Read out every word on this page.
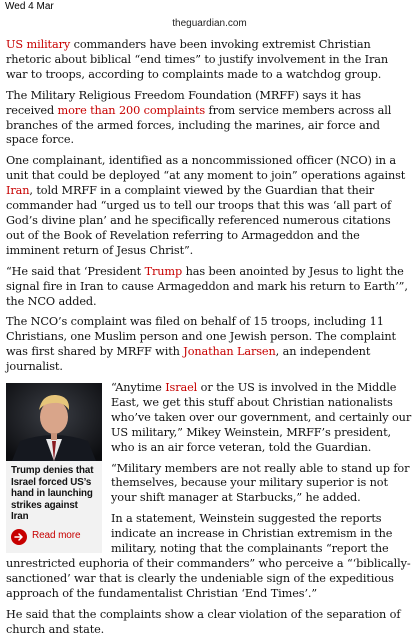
Wed 4 Mar
theguardian.com

US military commanders have been invoking extremist Christian rhetoric about biblical “end times” to justify involvement in the Iran war to troops, according to complaints made to a watchdog group.

The Military Religious Freedom Foundation (MRFF) says it has received more than 200 complaints from service members across all branches of the armed forces, including the marines, air force and space force.

One complainant, identified as a noncommissioned officer (NCO) in a unit that could be deployed “at any moment to join” operations against Iran, told MRFF in a complaint viewed by the Guardian that their commander had “urged us to tell our troops that this was ‘all part of God’s divine plan’ and he specifically referenced numerous citations out of the Book of Revelation referring to Armageddon and the imminent return of Jesus Christ”.

“He said that ‘President Trump has been anointed by Jesus to light the signal fire in Iran to cause Armageddon and mark his return to Earth’”, the NCO added.

The NCO’s complaint was filed on behalf of 15 troops, including 11 Christians, one Muslim person and one Jewish person. The complaint was first shared by MRFF with Jonathan Larsen, an independent journalist.

Trump denies that Israel forced US’s hand in launching strikes against Iran
Read more

“Anytime Israel or the US is involved in the Middle East, we get this stuff about Christian nationalists who’ve taken over our government, and certainly our US military,” Mikey Weinstein, MRFF’s president, who is an air force veteran, told the Guardian.

“Military members are not really able to stand up for themselves, because your military superior is not your shift manager at Starbucks,” he added.

In a statement, Weinstein suggested the reports indicate an increase in Christian extremism in the military, noting that the complainants “report the unrestricted euphoria of their commanders” who perceive a “‘biblically-sanctioned’ war that is clearly the undeniable sign of the expeditious approach of the fundamentalist Christian ‘End Times’.”

He said that the complaints show a clear violation of the separation of church and state.
